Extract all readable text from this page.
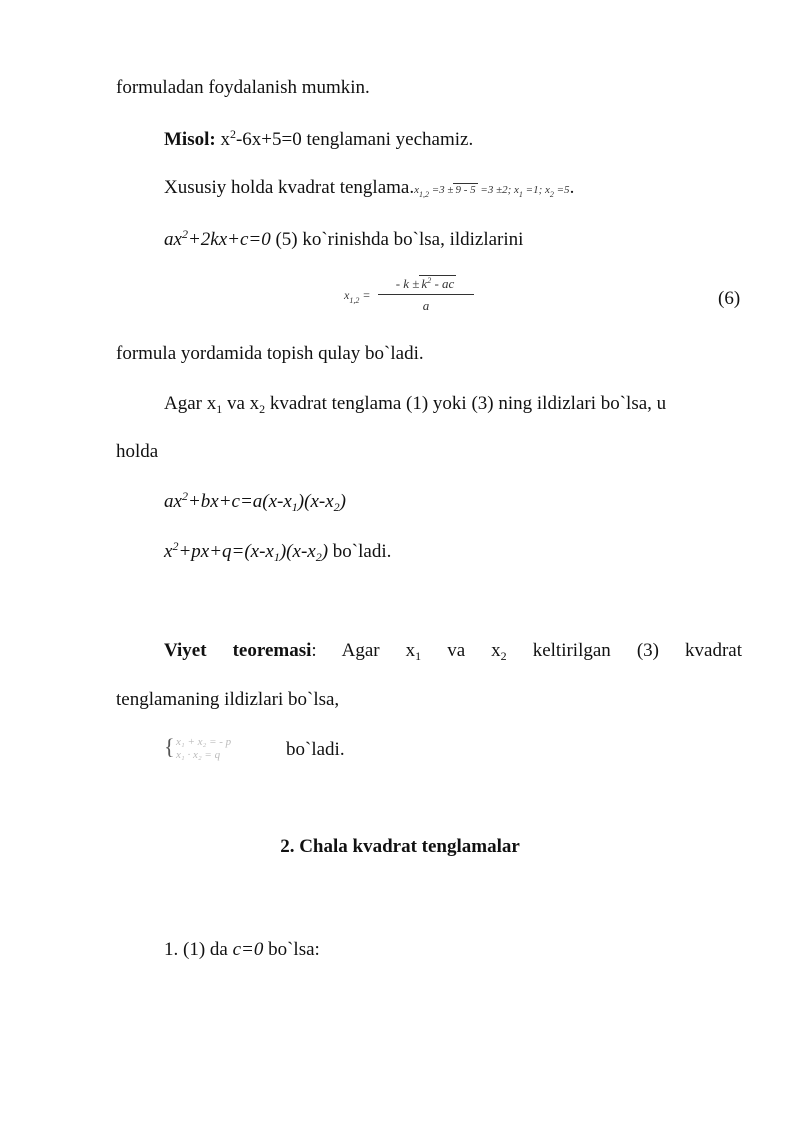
formuladan foydalanish mumkin.
Misol: $x^2-6x+5=0$ tenglamani yechamiz.
Xususiy holda kvadrat $tenglama.x_{1,2} =3 \pm 9 - 5 =3 \pm 2$; $x_1 =1$; $x_2 =5$.
$ax^2+2kx+c=0$ (5) ko`rinishda bo`lsa, ildizlarini
$x_{1,2} = \frac{- k \pm k^2 - ac}{a}$	(6)
formula yordamida topish qulay bo`ladi.
Agar $x_1$ va $x_2$ kvadrat tenglama (1) yoki (3) ning ildizlari bo`lsa, u
holda
$ax^2+bx+c=a(x-x_1)(x-x_2)$
$x^2+px+q=(x-x_1)(x-x_2)$ bo`ladi.
Viyet teoremasi: Agar $x_1$ va $x_2$ keltirilgan (3) kvadrat
tenglamaning ildizlari bo`lsa,
{ x₁ + x₂ = - p
x₁ · x₂ = q	bo`ladi.
2. Chala kvadrat tenglamalar
1. (1) da c=0 bo`lsa:
